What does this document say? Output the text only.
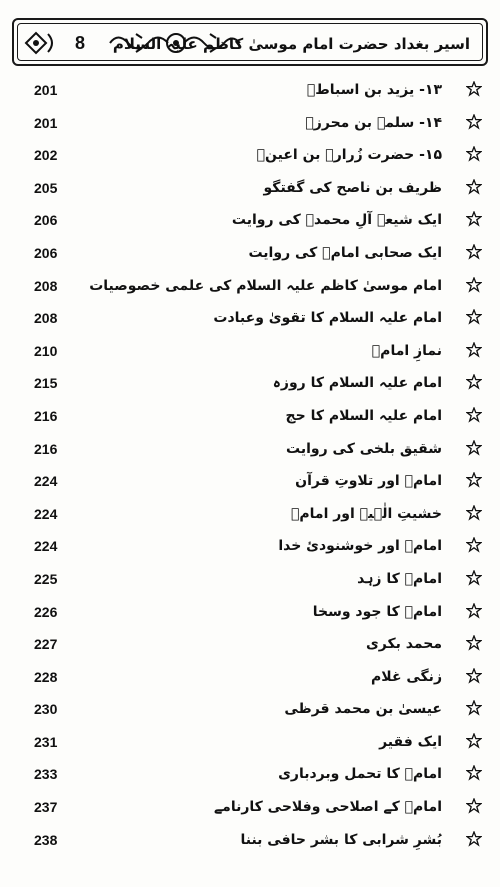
8	اسیر بغداد حضرت امام موسیٰ کاظم علیہ السلام
201	۱۳- یزید بن اسباطؓ
201	۱۴- سلمہ بن محرزؓ
202	۱۵- حضرت زُرارہ بن اعینؓ
205	ظریف بن ناصح کی گفتگو
206	ایک شیعہ آلِ محمدؐ کی روایت
206	ایک صحابی امامؑ کی روایت
208 امام موسیٰ کاظم علیہ السلام کی علمی خصوصیات
208	امام علیہ السلام کا تقویٰ وعبادت
210	نمازِ امامؑ
215	امام علیہ السلام کا روزہ
216	امام علیہ السلام کا حج
216	شقیق بلخی کی روایت
224	امامؑ اور تلاوتِ قرآن
224	خشیتِ الٰہیہ اور امامؑ
224	امامؑ اور خوشنودیٔ خدا
225	امامؑ کا زہد
226	امامؑ کا جود وسخا
227	محمد بکری
228	زنگی غلام
230	عیسیٰ بن محمد قرظی
231	ایک فقیر
233	امامؑ کا تحمل وبردباری
237	امامؑ کے اصلاحی وفلاحی کارنامے
238	بُشرِ شرابی کا بشر حافی بننا
